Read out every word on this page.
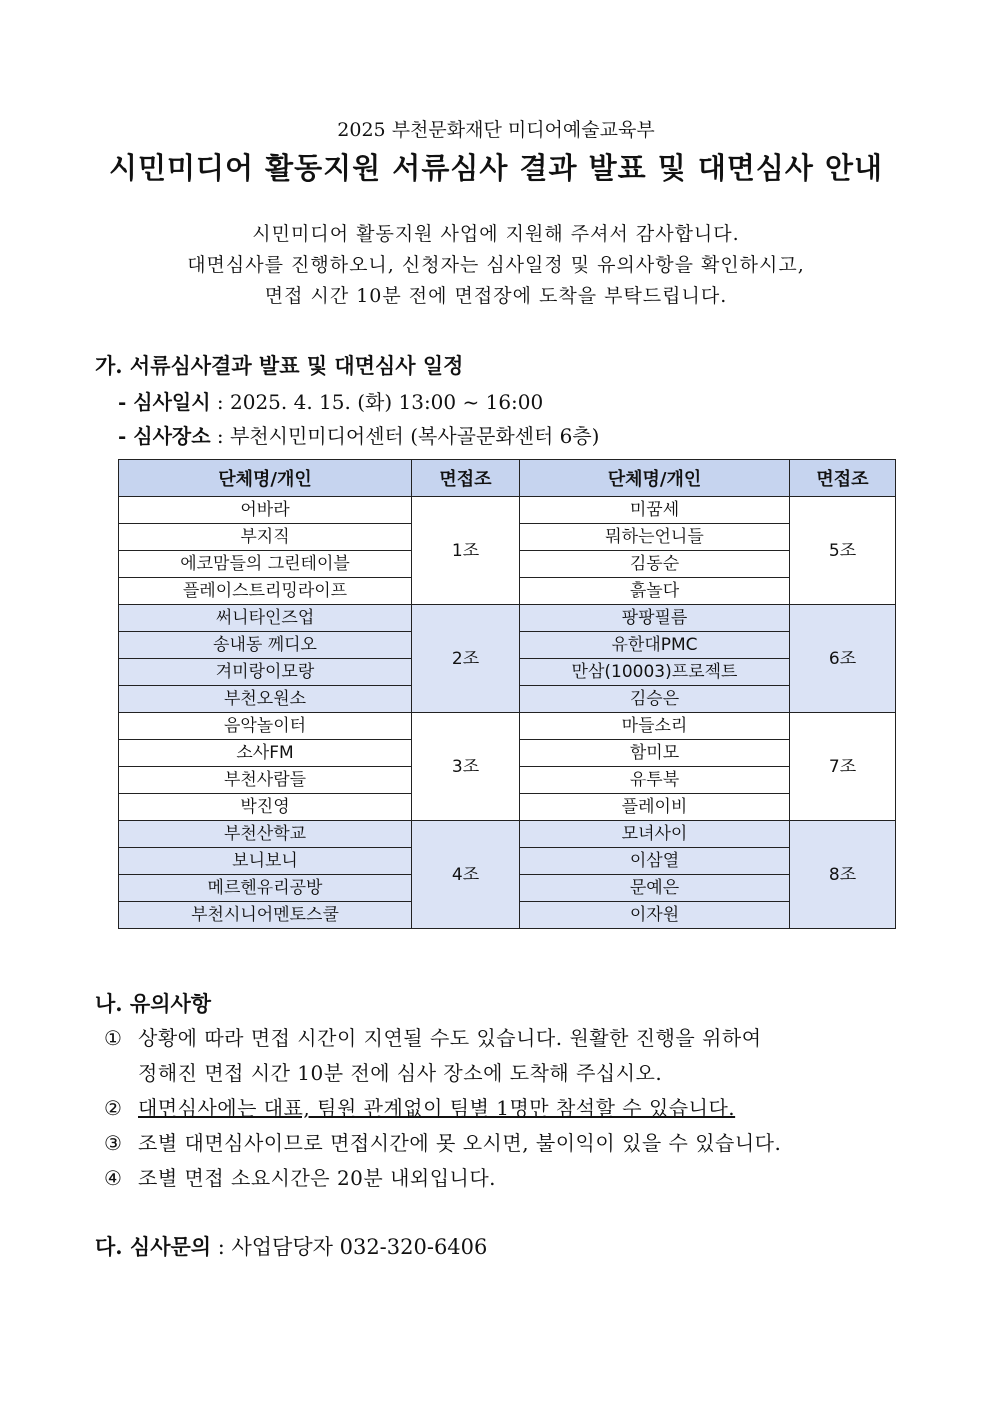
2025 부천문화재단 미디어예술교육부
시민미디어 활동지원 서류심사 결과 발표 및 대면심사 안내
시민미디어 활동지원 사업에 지원해 주셔서 감사합니다.
대면심사를 진행하오니, 신청자는 심사일정 및 유의사항을 확인하시고,
면접 시간 10분 전에 면접장에 도착을 부탁드립니다.
가. 서류심사결과 발표 및 대면심사 일정
- 심사일시 : 2025. 4. 15. (화) 13:00 ~ 16:00
- 심사장소 : 부천시민미디어센터 (복사골문화센터 6층)
단체명/개인	면접조	단체명/개인	면접조
어바라	1조	미꿈세	5조
부지직		뭐하는언니들	
에코맘들의 그린테이블		김동순	
플레이스트리밍라이프		흙놀다	
써니타인즈업	2조	팡팡필름	6조
송내동 께디오		유한대PMC	
겨미랑이모랑		만삼(10003)프로젝트	
부천오원소		김승은	
음악놀이터	3조	마들소리	7조
소사FM		함미모	
부천사람들		유투북	
박진영		플레이비	
부천산학교	4조	모녀사이	8조
보니보니		이삼열	
메르헨유리공방		문예은	
부천시니어멘토스쿨		이자원	
나. 유의사항
① 상황에 따라 면접 시간이 지연될 수도 있습니다. 원활한 진행을 위하여
정해진 면접 시간 10분 전에 심사 장소에 도착해 주십시오.
② 대면심사에는 대표, 팀원 관계없이 팀별 1명만 참석할 수 있습니다.
③ 조별 대면심사이므로 면접시간에 못 오시면, 불이익이 있을 수 있습니다.
④ 조별 면접 소요시간은 20분 내외입니다.
다. 심사문의 : 사업담당자 032-320-6406
